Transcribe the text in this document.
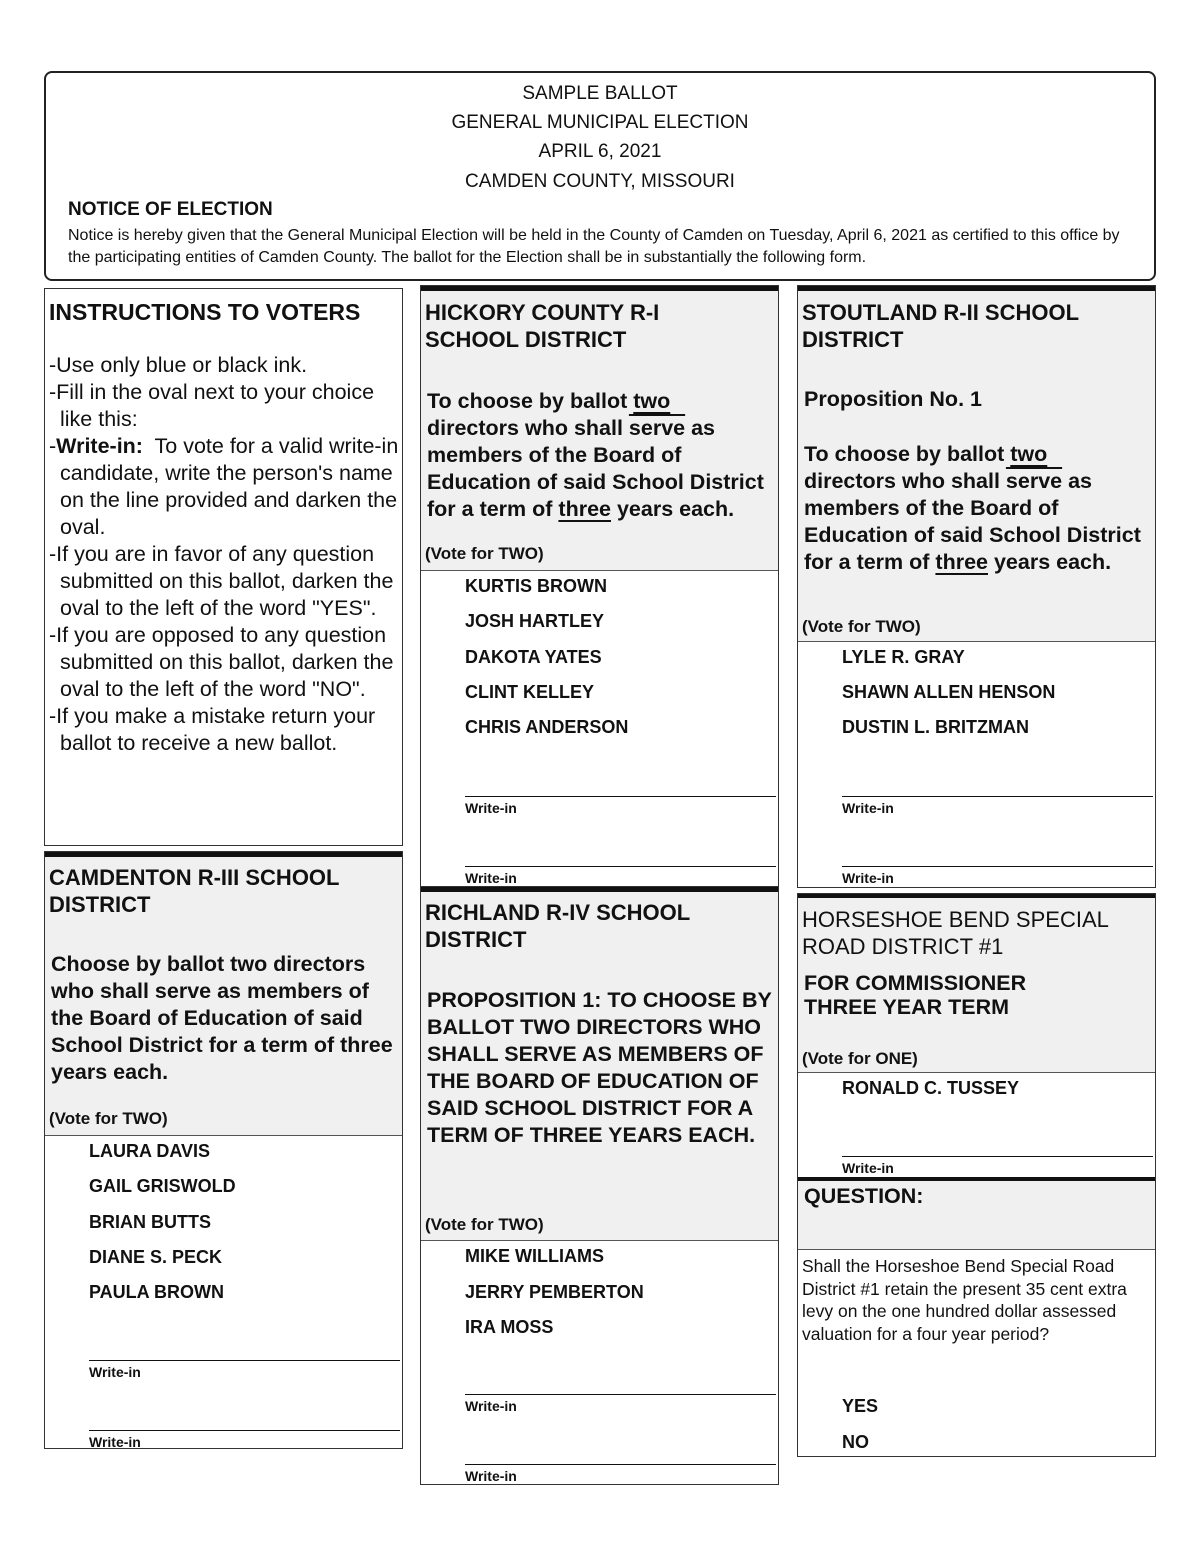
SAMPLE BALLOT
GENERAL MUNICIPAL ELECTION
APRIL 6, 2021
CAMDEN COUNTY, MISSOURI
NOTICE OF ELECTION
Notice is hereby given that the General Municipal Election will be held in the County of Camden on Tuesday, April 6, 2021 as certified to this office by the participating entities of Camden County. The ballot for the Election shall be in substantially the following form.
INSTRUCTIONS TO VOTERS
-Use only blue or black ink.
-Fill in the oval next to your choice like this:
-Write-in: To vote for a valid write-in candidate, write the person's name on the line provided and darken the oval.
-If you are in favor of any question submitted on this ballot, darken the oval to the left of the word "YES".
-If you are opposed to any question submitted on this ballot, darken the oval to the left of the word "NO".
-If you make a mistake return your ballot to receive a new ballot.
CAMDENTON R-III SCHOOL DISTRICT
Choose by ballot two directors who shall serve as members of the Board of Education of said School District for a term of three years each.
(Vote for TWO)
LAURA DAVIS
GAIL GRISWOLD
BRIAN BUTTS
DIANE S. PECK
PAULA BROWN
Write-in
Write-in
HICKORY COUNTY R-I SCHOOL DISTRICT
To choose by ballot two directors who shall serve as members of the Board of Education of said School District for a term of three years each.
(Vote for TWO)
KURTIS BROWN
JOSH HARTLEY
DAKOTA YATES
CLINT KELLEY
CHRIS ANDERSON
Write-in
Write-in
RICHLAND R-IV SCHOOL DISTRICT
PROPOSITION 1: TO CHOOSE BY BALLOT TWO DIRECTORS WHO SHALL SERVE AS MEMBERS OF THE BOARD OF EDUCATION OF SAID SCHOOL DISTRICT FOR A TERM OF THREE YEARS EACH.
(Vote for TWO)
MIKE WILLIAMS
JERRY PEMBERTON
IRA MOSS
Write-in
Write-in
STOUTLAND R-II SCHOOL DISTRICT
Proposition No. 1
To choose by ballot two directors who shall serve as members of the Board of Education of said School District for a term of three years each.
(Vote for TWO)
LYLE R. GRAY
SHAWN ALLEN HENSON
DUSTIN L. BRITZMAN
Write-in
Write-in
HORSESHOE BEND SPECIAL ROAD DISTRICT #1
FOR COMMISSIONER THREE YEAR TERM
(Vote for ONE)
RONALD C. TUSSEY
Write-in
QUESTION:
Shall the Horseshoe Bend Special Road District #1 retain the present 35 cent extra levy on the one hundred dollar assessed valuation for a four year period?
YES
NO
